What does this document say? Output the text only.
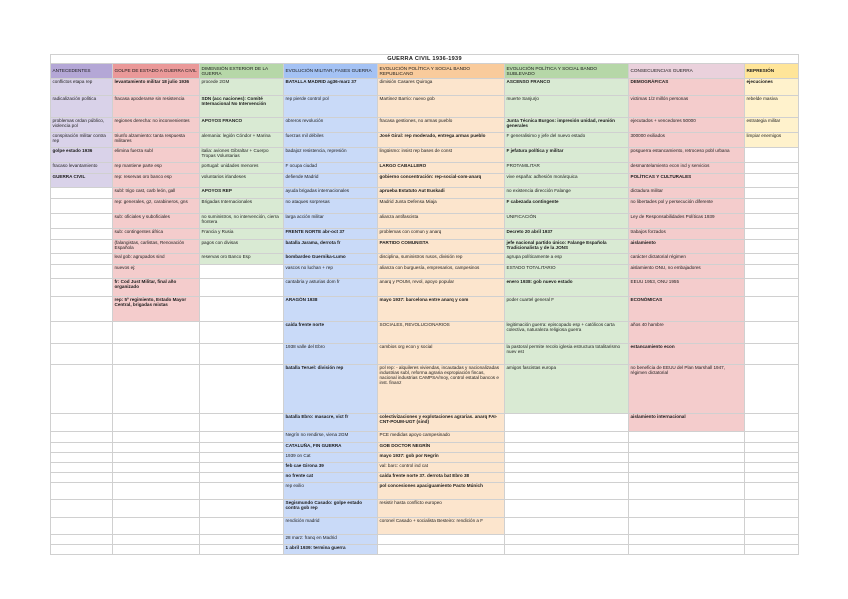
GUERRA CIVIL 1936-1939							
ANTECEDENTES	GOLPE DE ESTADO A GUERRA CIVIL	DIMENSIÓN EXTERIOR DE LA GUERRA	EVOLUCIÓN MILITAR, FASES GUERRA	EVOLUCIÓN POLÍTICA Y SOCIAL BANDO REPUBLICANO	EVOLUCIÓN POLÍTICA Y SOCIAL BANDO SUBLEVADO	CONSECUENCIAS GUERRA	REPRESIÓN
conflictos etapa rep	levantamiento militar 18 julio 1936	procede 2GM	BATALLA MADRID ag36-marz 37	dimisión Casares Quiroga	ASCENSO FRANCO	DEMOGRÁFICAS	ejecuciones
radicalización política	fracasa apoderarse sin resistencia	SDN (acc naciones): Comité Internacional No Intervención	rep pierde control pol	Martinez Barrio: nuevo gob	muerte Sanjurjo	victimas 1/2 millón personas	rebelde masiva
problemas ordan público, violencia pol	regiones derecha: no inconvenientes	APOYOS FRANCO	obreros revolución	fracasa gestiones, no armas pueblo	Junta Técnica Burgos: impresión unidad, reunión generales	ejecutados + vencedores 50000	estrategia militar
conspiración militar contra rep	triunfo alzamiento: tanta respuesta militares	alemania: legión Cóndor + Marina	fuerzas mil débiles	José Giral: rep moderado, entrega armas pueblo	F generalisimo y jefe del nuevo estado	300000 exiliados	limpiar enemigos
golpe estado 1936	elimina fuerza subl	italia: aviones Gibraltar + Cuerpo Tropas Voluntarias	badajoz resistencia, represión	lingüismo: insist rep bases de const	F jefatura política y militar	posguerra estancamiento, retroceso pobl urbana	
fracaso levantamiento	rep mantiene parte esp	portugal: unidades menores	F ocupa ciudad	LARGO CABALLERO	PROTAMILITAR	desmantelamiento econ ind y servicios	
GUERRA CIVIL	rep: reservas oro banco esp	voluntarios irlandeses	defiende Madrid	gobierno concentración: rep-social-com-anarq	vive españa: adhesión monárquica	POLÍTICAS Y CULTURALES	
	subl: trigo cast, carb león, gall	APOYOS REP	ayuda brigadas internacionales	aprueba Estatuto Aut Euskadi	no existencia dirección Falange	dictadura militar	
	rep: generales, gz, carabineros, gns	Brigadas Internacionales	no ataques sorpresas	Madrid Junta Defensa Miaja	F cabezada contingente	no libertades pol y persecución diferente	
	sub: oficiales y suboficiales	no suministros, no intervención, cierra frontera	larga acción militar	alianza antifascista	UNIFICACIÓN	Ley de Responsabilidades Políticas 1939	
	sub: contingentes áfrica	Francia y Rusia	FRENTE NORTE abr-oct 37	problemas con comun y anarq	Decreto 20 abril 1937	trabajos forzados	
	(falangistas, carlistas, Renovación Española	pagos con divisas	batalla Jarama, derrota fr	PARTIDO COMUNISTA	jefe nacional partido único: Falange Española Tradicionalista y de la JONS	aislamiento	
	leal gob: agrupados sind	reservas oro Banco Esp	bombardeo Guernika-Lumo	disciplina, suministros rusos, división rep	agrupa políticamente a esp	carácter dictatorial régimen	
	nuevos ej:		vascos no luchan + rep	alianza con burguesía, empresarios, campesinos	ESTADO TOTALITARIO	aislamiento ONU, no embajadores	
	fr: Cod Just Militar, final año organizado		cantabria y asturias dom fr	anarq y POUM, revol, apoyo popular	enero 1938: gob nuevo estado	EEUU 1953, ONU 1955	
	rep: 5º regimiento, Estado Mayor Central, brigadas mixtas		ARAGÓN 1938	mayo 1937: barcelona entre anarq y com	poder cuartel general F	ECONÓMICAS	
			caída frente norte	SOCIALES, REVOLUCIONARIOS	legitimación guerra: episcopado esp + católicos carta colectiva, naturaleza religiosa guerra	años 40 hambre	
			1938 valle del Ebro	cambios org econ y social	la pastoral permite recolo iglesia estructura totalitarismo nuev est	estancamiento econ	
			batalla Teruel: división rep	pol rep: - alquileres viviendas, incautadas y nacionalizadas industrias subl, reforma agraria expropiación fincas, nacional industrias CAMPSA/moy, control estatal bancos e inst. finanz	amigos fascistas europa	no beneficia de EEUU del Plan Marshall 1947, régimen dictatorial	
			batalla Ebro: masacre, vict fr	colectivizaciones y explotaciones agrarias. anarq FAI-CNT-POUM-UGT (sind)		aislamiento internacional	
			Negrín no rendirse, viena 2GM	PCE medidas apoyo campesinado			
			CATALUÑA, FIN GUERRA	GOB DOCTOR NEGRÍN			
			1939 on Cat	mayo 1937: gob por Negrín			
			feb cae Girona 39	val: barc: control ind cat			
			no frente cat	caída frente norte 37. derrota bat Ebro 38			
			rep exilio	pol concesiones apaciguamiento Pacto Múnich			
			Segismundo Casado: golpe estado contra gob rep	resistir hasta conflicto europeo			
			rendición madrid	coronel Casado + socialista Besteiro: rendición a F			
			28 marz: franq en Madrid				
			1 abril 1939: termina guerra				
